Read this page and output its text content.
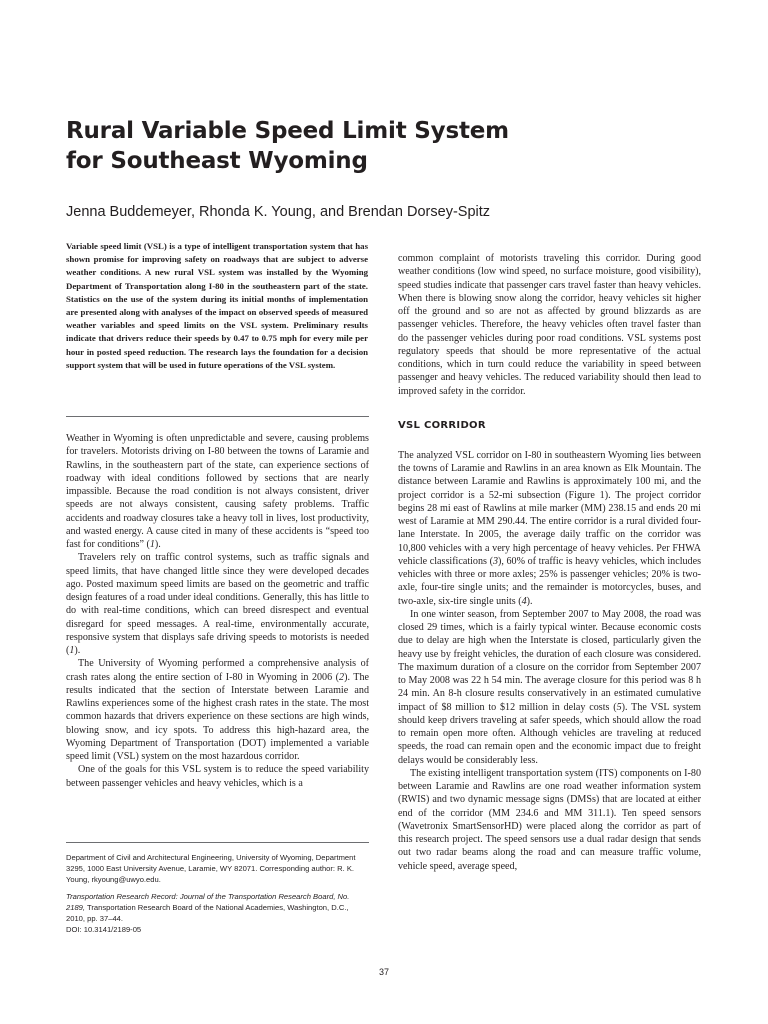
Rural Variable Speed Limit System
for Southeast Wyoming

Jenna Buddemeyer, Rhonda K. Young, and Brendan Dorsey-Spitz

Variable speed limit (VSL) is a type of intelligent transportation system that has shown promise for improving safety on roadways that are subject to adverse weather conditions. A new rural VSL system was installed by the Wyoming Department of Transportation along I-80 in the southeastern part of the state. Statistics on the use of the system during its initial months of implementation are presented along with analyses of the impact on observed speeds of measured weather variables and speed limits on the VSL system. Preliminary results indicate that drivers reduce their speeds by 0.47 to 0.75 mph for every mile per hour in posted speed reduction. The research lays the foundation for a decision support system that will be used in future operations of the VSL system.

Weather in Wyoming is often unpredictable and severe, causing problems for travelers. Motorists driving on I-80 between the towns of Laramie and Rawlins, in the southeastern part of the state, can experience sections of roadway with ideal conditions followed by sections that are nearly impassible. Because the road condition is not always consistent, driver speeds are not always consistent, causing safety problems. Traffic accidents and roadway closures take a heavy toll in lives, lost productivity, and wasted energy. A cause cited in many of these accidents is “speed too fast for conditions” (1).

Travelers rely on traffic control systems, such as traffic signals and speed limits, that have changed little since they were developed decades ago. Posted maximum speed limits are based on the geometric and traffic design features of a road under ideal conditions. Generally, this has little to do with real-time conditions, which can breed disrespect and eventual disregard for speed messages. A real-time, environmentally accurate, responsive system that displays safe driving speeds to motorists is needed (1).

The University of Wyoming performed a comprehensive analysis of crash rates along the entire section of I-80 in Wyoming in 2006 (2). The results indicated that the section of Interstate between Laramie and Rawlins experiences some of the highest crash rates in the state. The most common hazards that drivers experience on these sections are high winds, blowing snow, and icy spots. To address this high-hazard area, the Wyoming Department of Transportation (DOT) implemented a variable speed limit (VSL) system on the most hazardous corridor.

One of the goals for this VSL system is to reduce the speed variability between passenger vehicles and heavy vehicles, which is a

Department of Civil and Architectural Engineering, University of Wyoming, Department 3295, 1000 East University Avenue, Laramie, WY 82071. Corresponding author: R. K. Young, rkyoung@uwyo.edu.

Transportation Research Record: Journal of the Transportation Research Board, No. 2189, Transportation Research Board of the National Academies, Washington, D.C., 2010, pp. 37–44.
DOI: 10.3141/2189-05

common complaint of motorists traveling this corridor. During good weather conditions (low wind speed, no surface moisture, good visibility), speed studies indicate that passenger cars travel faster than heavy vehicles. When there is blowing snow along the corridor, heavy vehicles sit higher off the ground and so are not as affected by ground blizzards as are passenger vehicles. Therefore, the heavy vehicles often travel faster than do the passenger vehicles during poor road conditions. VSL systems post regulatory speeds that should be more representative of the actual conditions, which in turn could reduce the variability in speed between passenger and heavy vehicles. The reduced variability should then lead to improved safety in the corridor.

VSL CORRIDOR

The analyzed VSL corridor on I-80 in southeastern Wyoming lies between the towns of Laramie and Rawlins in an area known as Elk Mountain. The distance between Laramie and Rawlins is approximately 100 mi, and the project corridor is a 52-mi subsection (Figure 1). The project corridor begins 28 mi east of Rawlins at mile marker (MM) 238.15 and ends 20 mi west of Laramie at MM 290.44. The entire corridor is a rural divided four-lane Interstate. In 2005, the average daily traffic on the corridor was 10,800 vehicles with a very high percentage of heavy vehicles. Per FHWA vehicle classifications (3), 60% of traffic is heavy vehicles, which includes vehicles with three or more axles; 25% is passenger vehicles; 20% is two-axle, four-tire single units; and the remainder is motorcycles, buses, and two-axle, six-tire single units (4).

In one winter season, from September 2007 to May 2008, the road was closed 29 times, which is a fairly typical winter. Because economic costs due to delay are high when the Interstate is closed, particularly given the heavy use by freight vehicles, the duration of each closure was considered. The maximum duration of a closure on the corridor from September 2007 to May 2008 was 22 h 54 min. The average closure for this period was 8 h 24 min. An 8-h closure results conservatively in an estimated cumulative impact of $8 million to $12 million in delay costs (5). The VSL system should keep drivers traveling at safer speeds, which should allow the road to remain open more often. Although vehicles are traveling at reduced speeds, the road can remain open and the economic impact due to freight delays would be considerably less.

The existing intelligent transportation system (ITS) components on I-80 between Laramie and Rawlins are one road weather information system (RWIS) and two dynamic message signs (DMSs) that are located at either end of the corridor (MM 234.6 and MM 311.1). Ten speed sensors (Wavetronix SmartSensorHD) were placed along the corridor as part of this research project. The speed sensors use a dual radar design that sends out two radar beams along the road and can measure traffic volume, vehicle speed, average speed,

37
